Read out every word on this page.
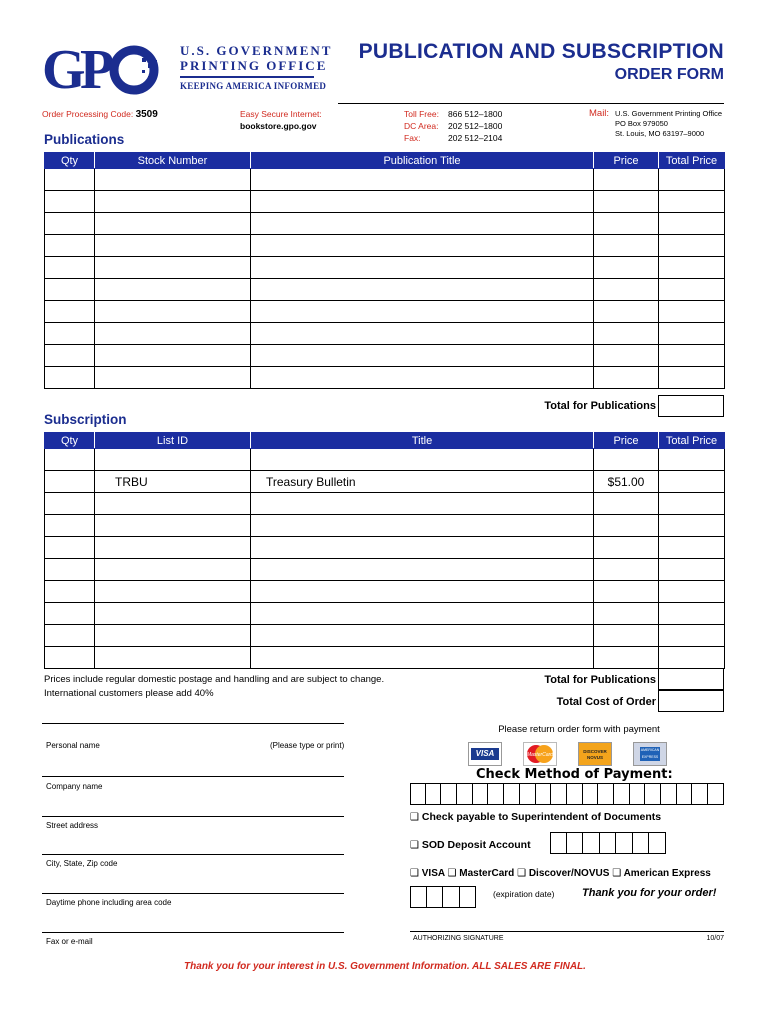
G
P	U.S. GOVERNMENT
PRINTING OFFICE
KEEPING AMERICA INFORMED
PUBLICATION AND SUBSCRIPTION
ORDER FORM
Order Processing Code: 3509	Easy Secure Internet:
bookstore.gpo.gov
Toll Free: 866 512–1800
DC Area: 202 512–1800
Fax:	202 512–2104
Mail: U.S. Government Printing Office
PO Box 979050
St. Louis, MO 63197–9000
Publications
Qty	Stock Number	Publication Title	Price	Total Price

Total for Publications
Subscription
Qty	List ID	Title	Price	Total Price

	TRBU	Treasury Bulletin	$51.00	

Prices include regular domestic postage and handling and are subject to change.
International customers please add 40%
Total for Publications
Total Cost of Order
Personal name	(Please type or print)
Company name
Street address
City, State, Zip code
Daytime phone including area code
Fax or e-mail
Please return order form with payment
VISA	MasterCard
DISCOVER NOVUS
AMERICAN EXPRESS
Check Method of Payment:
❑ Check payable to Superintendent of Documents
❑ SOD Deposit Account
❑ VISA ❑ MasterCard ❑ Discover/NOVUS ❑ American Express
(expiration date)	Thank you for your order!
AUTHORIZING SIGNATURE	10/07
Thank you for your interest in U.S. Government Information. ALL SALES ARE FINAL.
